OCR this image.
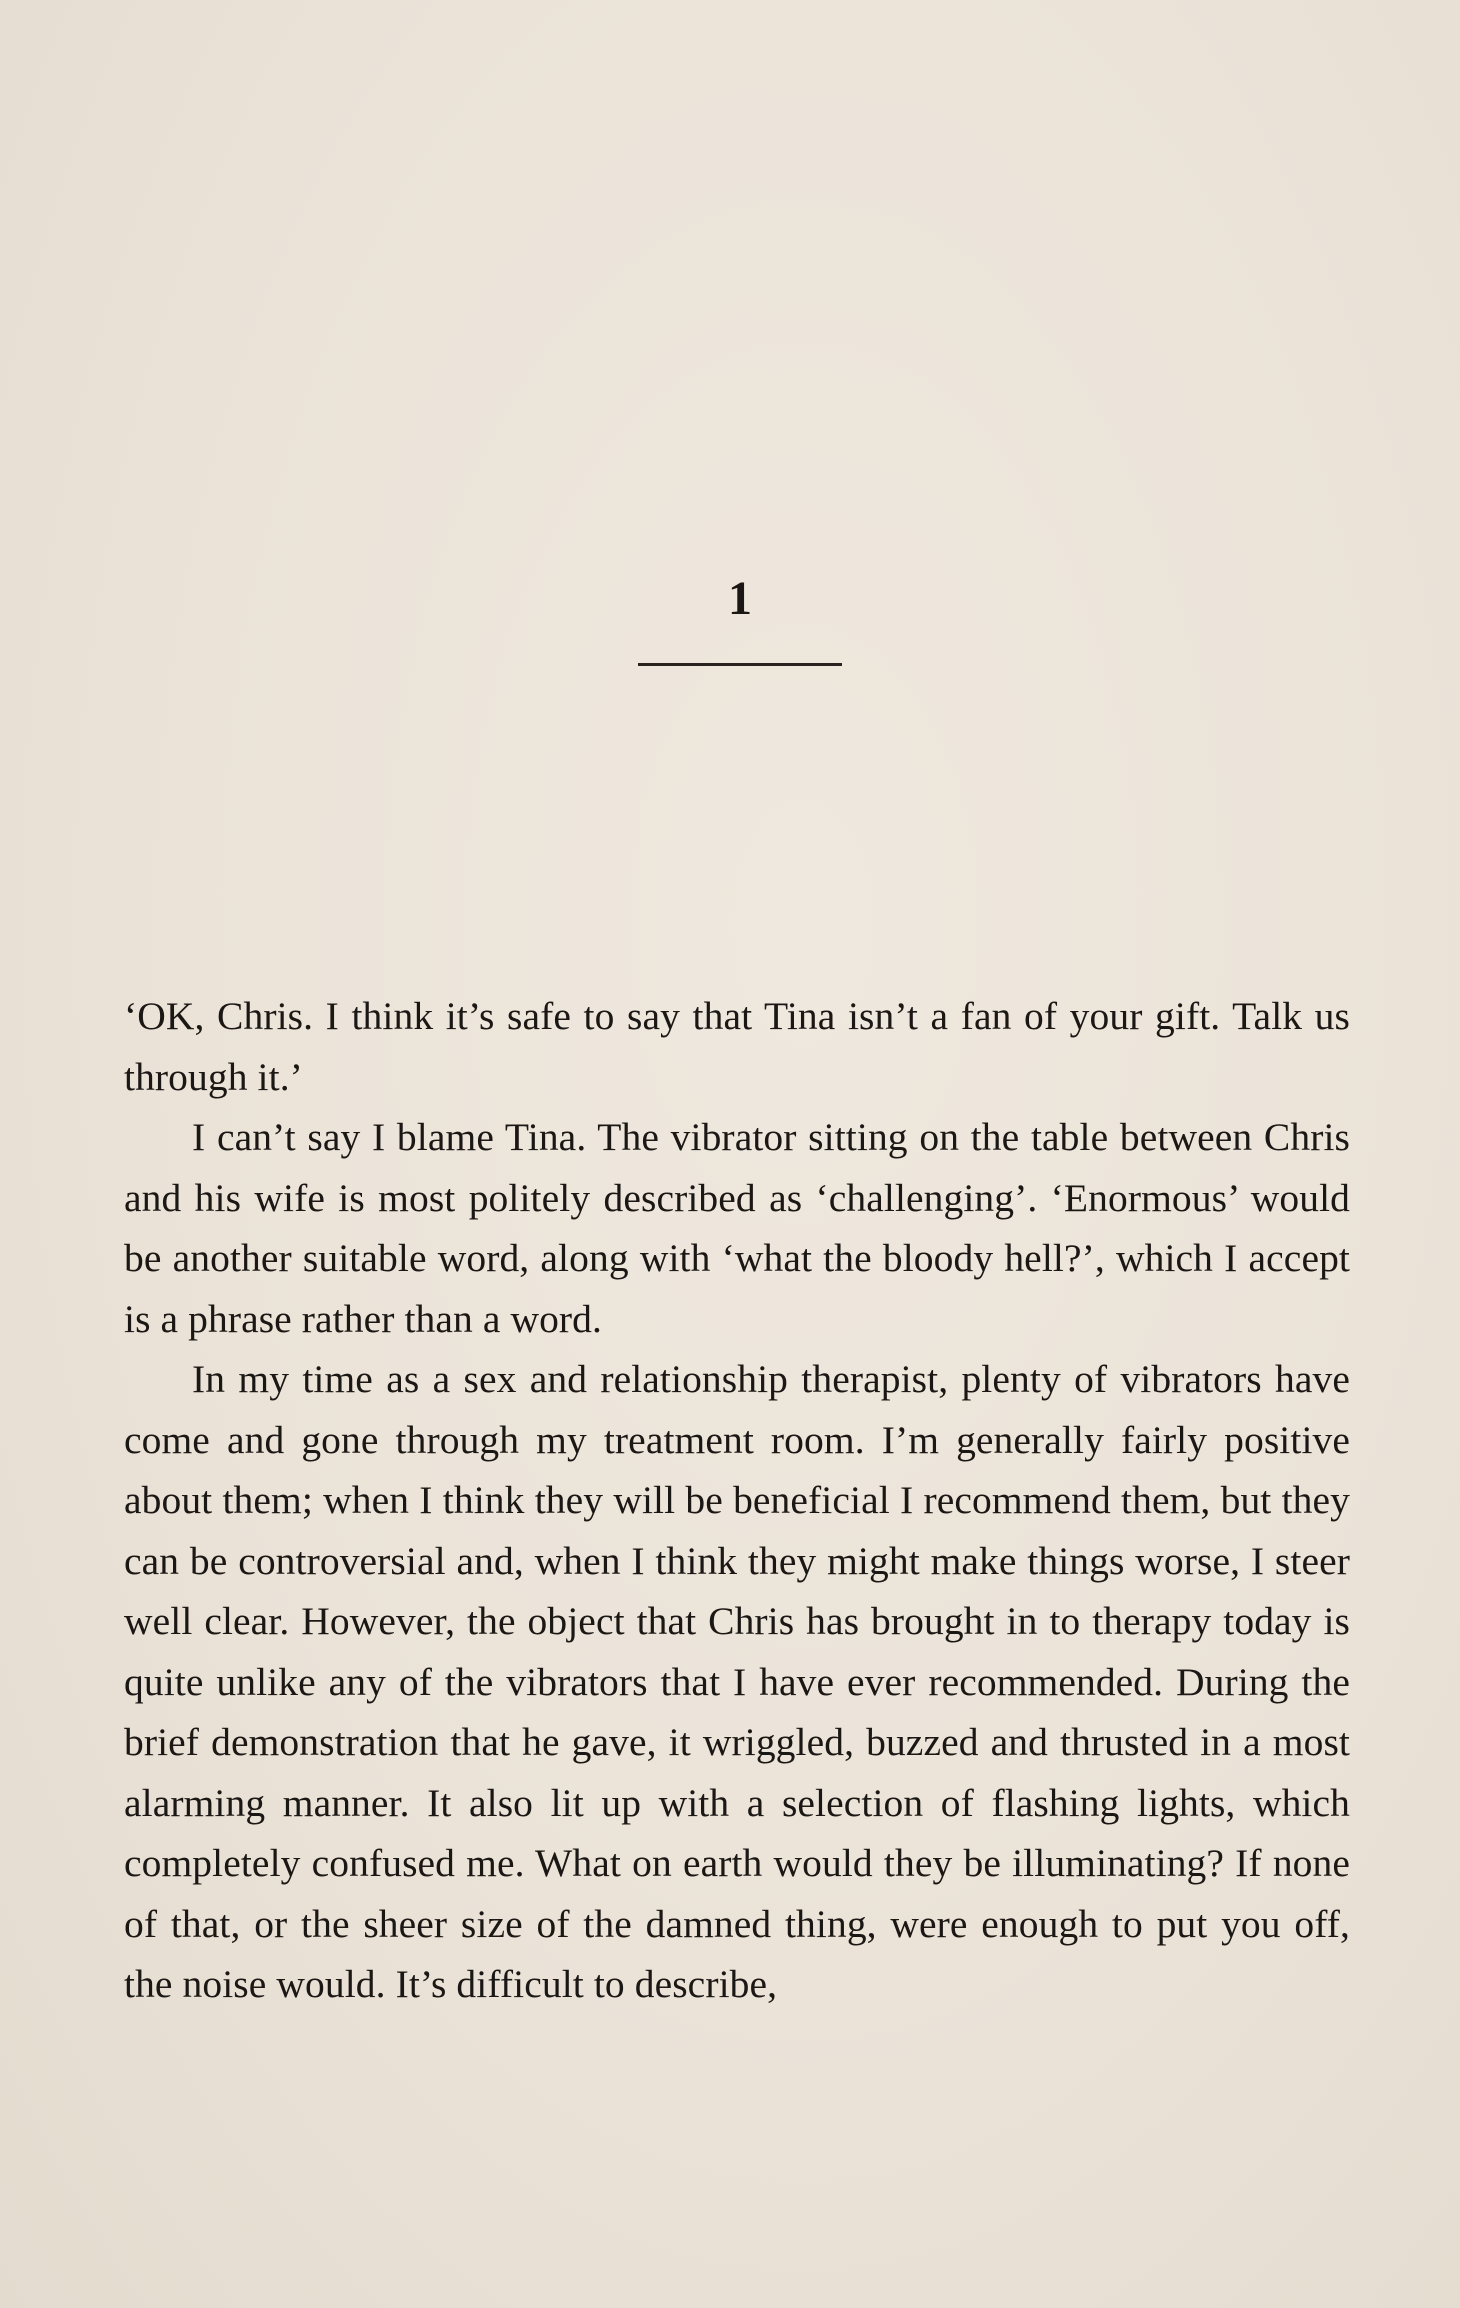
1

‘OK, Chris. I think it’s safe to say that Tina isn’t a fan of your gift. Talk us through it.’

I can’t say I blame Tina. The vibrator sitting on the table between Chris and his wife is most politely described as ‘challenging’. ‘Enormous’ would be another suitable word, along with ‘what the bloody hell?’, which I accept is a phrase rather than a word.

In my time as a sex and relationship therapist, plenty of vibrators have come and gone through my treatment room. I’m generally fairly positive about them; when I think they will be beneficial I recommend them, but they can be controversial and, when I think they might make things worse, I steer well clear. However, the object that Chris has brought in to therapy today is quite unlike any of the vibrators that I have ever recommended. During the brief demonstration that he gave, it wriggled, buzzed and thrusted in a most alarming manner. It also lit up with a selection of flashing lights, which completely confused me. What on earth would they be illuminating? If none of that, or the sheer size of the damned thing, were enough to put you off, the noise would. It’s difficult to describe,
